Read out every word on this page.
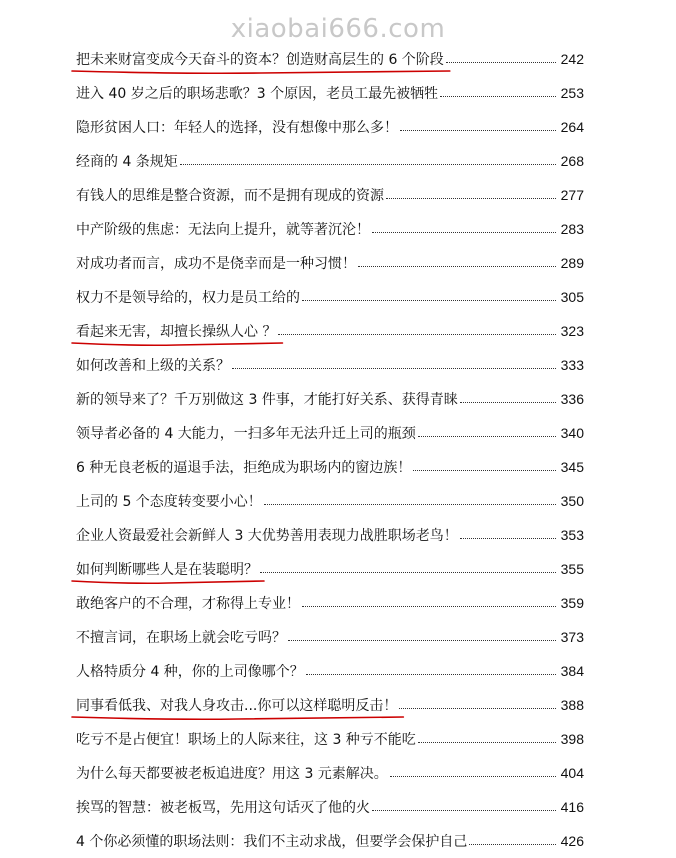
xiaobai666.com
把未来财富变成今天奋斗的资本？创造财高层生的 6 个阶段	242
进入 40 岁之后的职场悲歌？3 个原因，老员工最先被牺牲	253
隐形贫困人口：年轻人的选择，没有想像中那么多！	264
经商的 4 条规矩	268
有钱人的思维是整合资源，而不是拥有现成的资源	277
中产阶级的焦虑：无法向上提升，就等著沉沦！	283
对成功者而言，成功不是侥幸而是一种习惯！	289
权力不是领导给的，权力是员工给的	305
看起来无害，却擅长操纵人心 ？	323
如何改善和上级的关系？	333
新的领导来了？千万别做这 3 件事，才能打好关系、获得青睐	336
领导者必备的 4 大能力，一扫多年无法升迁上司的瓶颈	340
6 种无良老板的逼退手法，拒绝成为职场内的窗边族！	345
上司的 5 个态度转变要小心！	350
企业人资最爱社会新鲜人 3 大优势善用表现力战胜职场老鸟！	353
如何判断哪些人是在装聪明？	355
敢绝客户的不合理，才称得上专业！	359
不擅言词，在职场上就会吃亏吗？	373
人格特质分 4 种，你的上司像哪个？	384
同事看低我、对我人身攻击...你可以这样聪明反击！	388
吃亏不是占便宜！职场上的人际来往，这 3 种亏不能吃	398
为什么每天都要被老板追进度？用这 3 元素解决。	404
挨骂的智慧：被老板骂，先用这句话灭了他的火	416
4 个你必须懂的职场法则：我们不主动求战，但要学会保护自己	426
